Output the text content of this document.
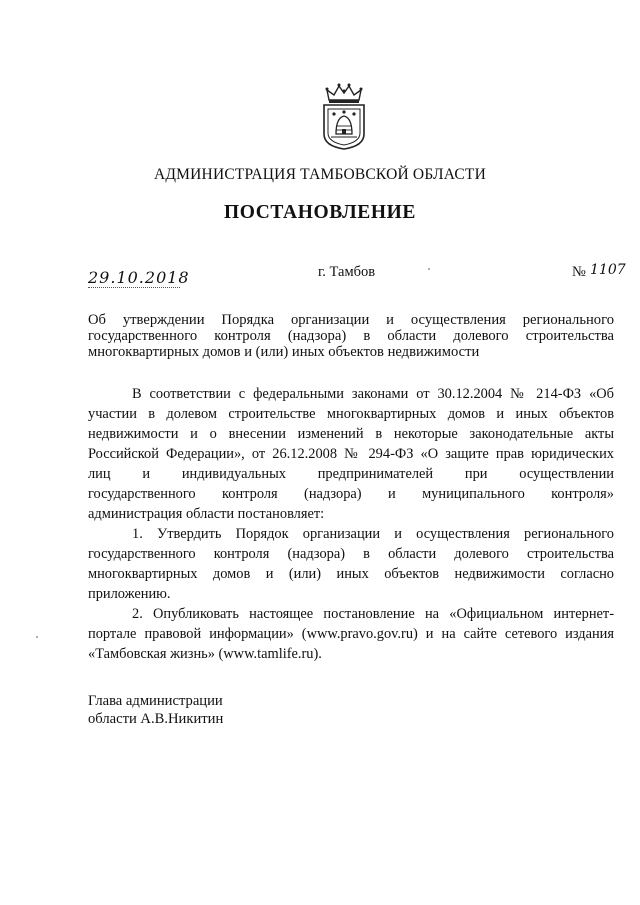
АДМИНИСТРАЦИЯ ТАМБОВСКОЙ ОБЛАСТИ
ПОСТАНОВЛЕНИЕ
29.10.2018	г. Тамбов	№ 1107
Об утверждении Порядка организации и осуществления регионального
государственного контроля (надзора) в области долевого строительства
многоквартирных домов и (или) иных объектов недвижимости
В соответствии с федеральными законами от 30.12.2004 № 214-ФЗ «Об
участии в долевом строительстве многоквартирных домов и иных объектов
недвижимости и о внесении изменений в некоторые законодательные акты
Российской Федерации», от 26.12.2008 № 294-ФЗ «О защите прав юридических
лиц и индивидуальных предпринимателей при осуществлении
государственного контроля (надзора) и муниципального контроля»
администрация области постановляет:
1. Утвердить Порядок организации и осуществления регионального
государственного контроля (надзора) в области долевого строительства
многоквартирных домов и (или) иных объектов недвижимости согласно
приложению.
2. Опубликовать настоящее постановление на «Официальном интернет-
портале правовой информации» (www.pravo.gov.ru) и на сайте сетевого издания
«Тамбовская жизнь» (www.tamlife.ru).
Глава администрации
области А.В.Никитин
